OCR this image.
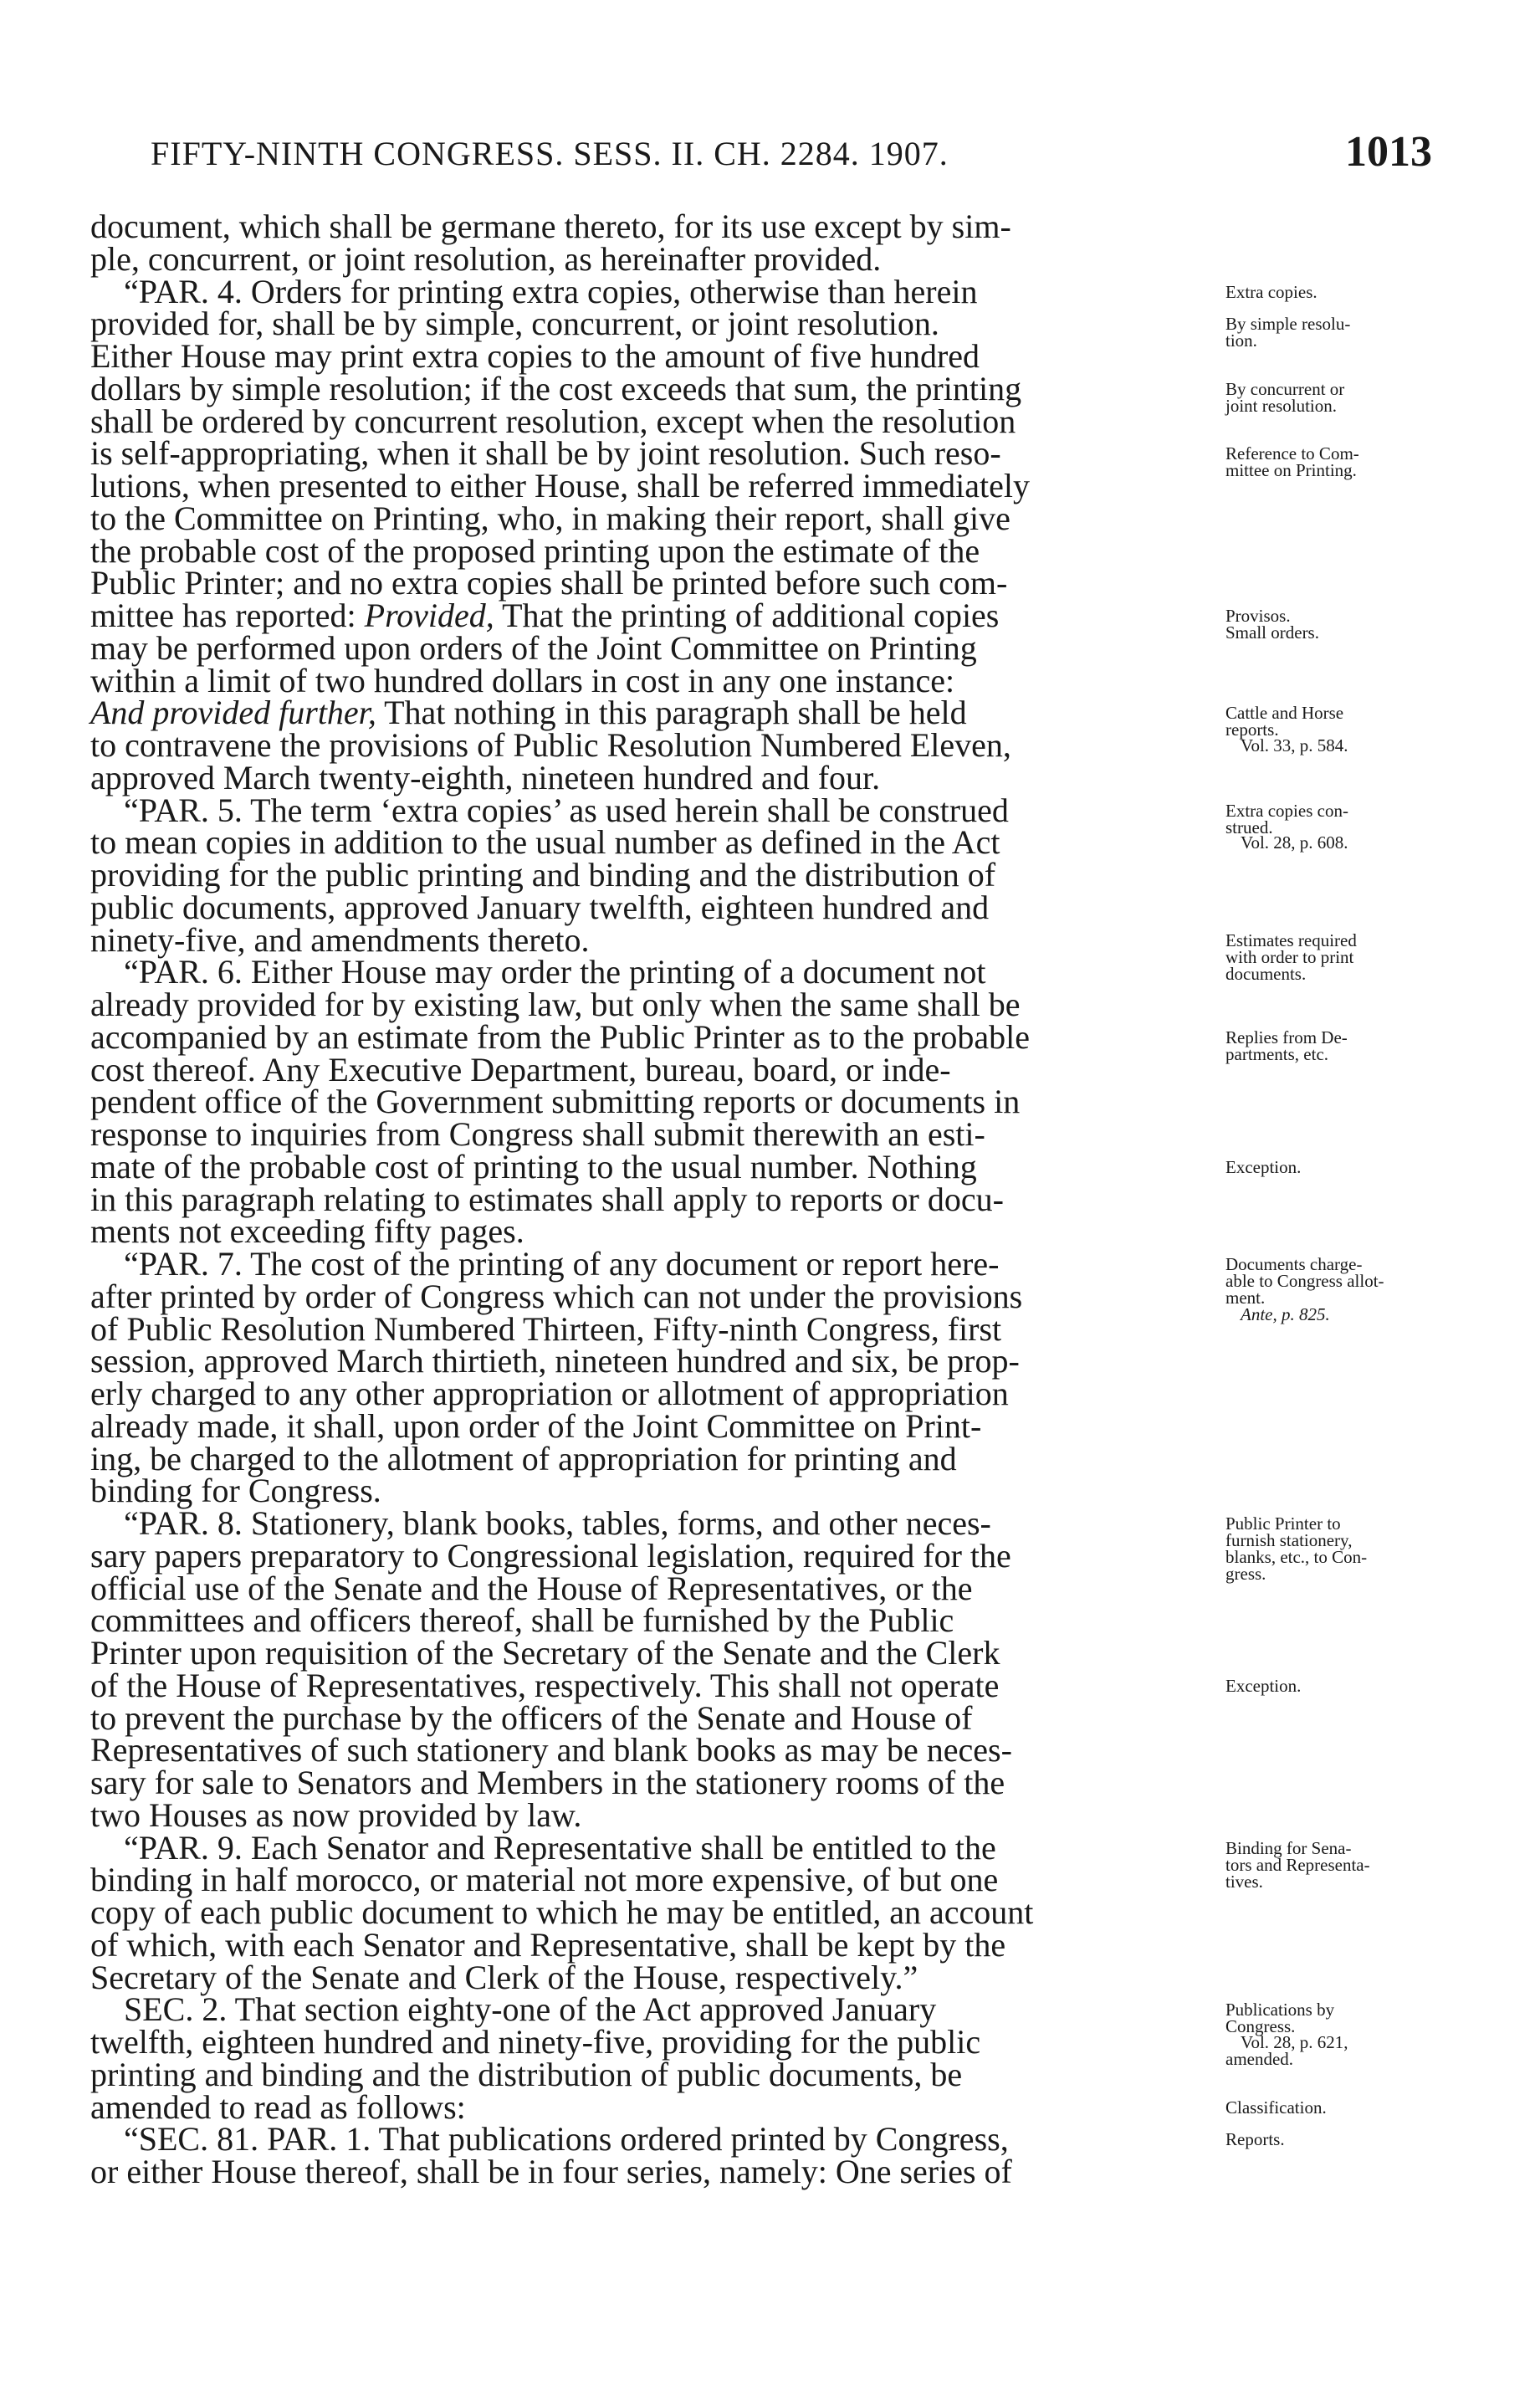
FIFTY-NINTH CONGRESS. SESS. II. CH. 2284. 1907.	1013
document, which shall be germane thereto, for its use except by sim-
ple, concurrent, or joint resolution, as hereinafter provided.
“PAR. 4. Orders for printing extra copies, otherwise than herein
provided for, shall be by simple, concurrent, or joint resolution.
Either House may print extra copies to the amount of five hundred
dollars by simple resolution; if the cost exceeds that sum, the printing
shall be ordered by concurrent resolution, except when the resolution
is self-appropriating, when it shall be by joint resolution. Such reso-
lutions, when presented to either House, shall be referred immediately
to the Committee on Printing, who, in making their report, shall give
the probable cost of the proposed printing upon the estimate of the
Public Printer; and no extra copies shall be printed before such com-
mittee has reported: Provided, That the printing of additional copies
may be performed upon orders of the Joint Committee on Printing
within a limit of two hundred dollars in cost in any one instance:
And provided further, That nothing in this paragraph shall be held
to contravene the provisions of Public Resolution Numbered Eleven,
approved March twenty-eighth, nineteen hundred and four.
“PAR. 5. The term ‘extra copies’ as used herein shall be construed
to mean copies in addition to the usual number as defined in the Act
providing for the public printing and binding and the distribution of
public documents, approved January twelfth, eighteen hundred and
ninety-five, and amendments thereto.
“PAR. 6. Either House may order the printing of a document not
already provided for by existing law, but only when the same shall be
accompanied by an estimate from the Public Printer as to the probable
cost thereof. Any Executive Department, bureau, board, or inde-
pendent office of the Government submitting reports or documents in
response to inquiries from Congress shall submit therewith an esti-
mate of the probable cost of printing to the usual number. Nothing
in this paragraph relating to estimates shall apply to reports or docu-
ments not exceeding fifty pages.
“PAR. 7. The cost of the printing of any document or report here-
after printed by order of Congress which can not under the provisions
of Public Resolution Numbered Thirteen, Fifty-ninth Congress, first
session, approved March thirtieth, nineteen hundred and six, be prop-
erly charged to any other appropriation or allotment of appropriation
already made, it shall, upon order of the Joint Committee on Print-
ing, be charged to the allotment of appropriation for printing and
binding for Congress.
“PAR. 8. Stationery, blank books, tables, forms, and other neces-
sary papers preparatory to Congressional legislation, required for the
official use of the Senate and the House of Representatives, or the
committees and officers thereof, shall be furnished by the Public
Printer upon requisition of the Secretary of the Senate and the Clerk
of the House of Representatives, respectively. This shall not operate
to prevent the purchase by the officers of the Senate and House of
Representatives of such stationery and blank books as may be neces-
sary for sale to Senators and Members in the stationery rooms of the
two Houses as now provided by law.
“PAR. 9. Each Senator and Representative shall be entitled to the
binding in half morocco, or material not more expensive, of but one
copy of each public document to which he may be entitled, an account
of which, with each Senator and Representative, shall be kept by the
Secretary of the Senate and Clerk of the House, respectively.”
SEC. 2. That section eighty-one of the Act approved January
twelfth, eighteen hundred and ninety-five, providing for the public
printing and binding and the distribution of public documents, be
amended to read as follows:
“SEC. 81. PAR. 1. That publications ordered printed by Congress,
or either House thereof, shall be in four series, namely: One series of
Extra copies.
By simple resolu-
tion.
By concurrent or
joint resolution.
Reference to Com-
mittee on Printing.
Provisos.
Small orders.
Cattle and Horse
reports.
Vol. 33, p. 584.
Extra copies con-
strued.
Vol. 28, p. 608.
Estimates required
with order to print
documents.
Replies from De-
partments, etc.
Exception.
Documents charge-
able to Congress allot-
ment.
Ante, p. 825.
Public Printer to
furnish stationery,
blanks, etc., to Con-
gress.
Exception.
Binding for Sena-
tors and Representa-
tives.
Publications by
Congress.
Vol. 28, p. 621,
amended.
Classification.
Reports.
